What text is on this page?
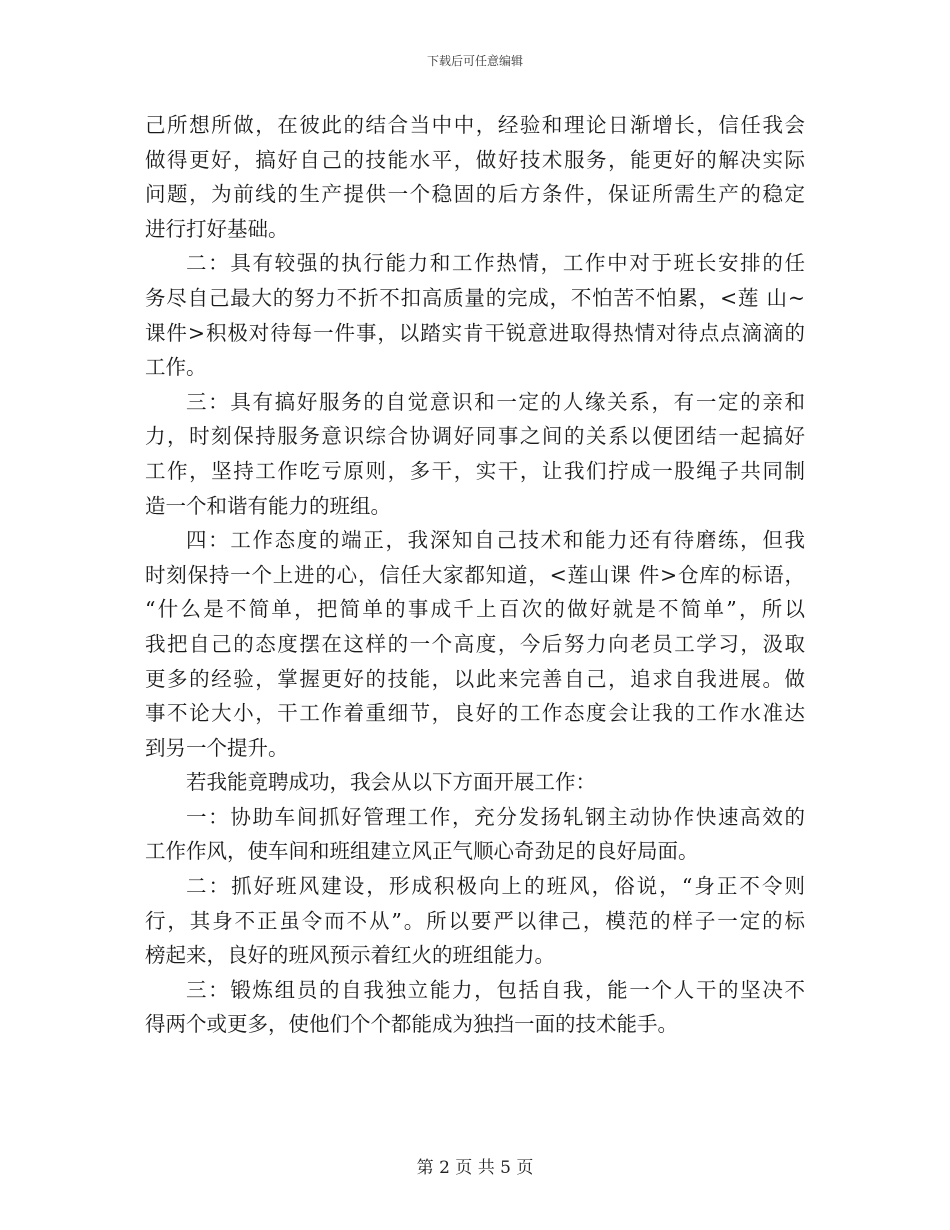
下载后可任意编辑
己所想所做，在彼此的结合当中中，经验和理论日渐增长，信任我会
做得更好，搞好自己的技能水平，做好技术服务，能更好的解决实际
问题，为前线的生产提供一个稳固的后方条件，保证所需生产的稳定
进行打好基础。
二：具有较强的执行能力和工作热情，工作中对于班长安排的任
务尽自己最大的努力不折不扣高质量的完成，不怕苦不怕累，<莲 山~
课件>积极对待每一件事，以踏实肯干锐意进取得热情对待点点滴滴的
工作。
三：具有搞好服务的自觉意识和一定的人缘关系，有一定的亲和
力，时刻保持服务意识综合协调好同事之间的关系以便团结一起搞好
工作，坚持工作吃亏原则，多干，实干，让我们拧成一股绳子共同制
造一个和谐有能力的班组。
四：工作态度的端正，我深知自己技术和能力还有待磨练，但我
时刻保持一个上进的心，信任大家都知道，<莲山课 件>仓库的标语，
“什么是不简单，把简单的事成千上百次的做好就是不简单”，所以
我把自己的态度摆在这样的一个高度，今后努力向老员工学习，汲取
更多的经验，掌握更好的技能，以此来完善自己，追求自我进展。做
事不论大小，干工作着重细节，良好的工作态度会让我的工作水准达
到另一个提升。
若我能竟聘成功，我会从以下方面开展工作：
一：协助车间抓好管理工作，充分发扬轧钢主动协作快速高效的
工作作风，使车间和班组建立风正气顺心奇劲足的良好局面。
二：抓好班风建设，形成积极向上的班风，俗说，“身正不令则
行，其身不正虽令而不从”。所以要严以律己，模范的样子一定的标
榜起来，良好的班风预示着红火的班组能力。
三：锻炼组员的自我独立能力，包括自我，能一个人干的坚决不
得两个或更多，使他们个个都能成为独挡一面的技术能手。
第 2 页 共 5 页
